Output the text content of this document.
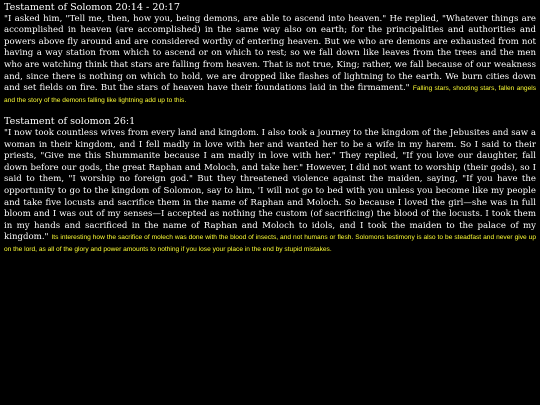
Testament of Solomon 20:14 - 20:17

"I asked him, "Tell me, then, how you, being demons, are able to ascend into heaven." He replied, "Whatever things are accomplished in heaven (are accomplished) in the same way also on earth; for the principalities and authorities and powers above fly around and are considered worthy of entering heaven. But we who are demons are exhausted from not having a way station from which to ascend or on which to rest; so we fall down like leaves from the trees and the men who are watching think that stars are falling from heaven. That is not true, King; rather, we fall because of our weakness and, since there is nothing on which to hold, we are dropped like flashes of lightning to the earth. We burn cities down and set fields on fire. But the stars of heaven have their foundations laid in the firmament." Falling stars, shooting stars, fallen angels and the story of the demons falling like lightning add up to this.

Testament of solomon 26:1

"I now took countless wives from every land and kingdom. I also took a journey to the kingdom of the Jebusites and saw a woman in their kingdom, and I fell madly in love with her and wanted her to be a wife in my harem. So I said to their priests, "Give me this Shummanite because I am madly in love with her." They replied, "If you love our daughter, fall down before our gods, the great Raphan and Moloch, and take her." However, I did not want to worship (their gods), so I said to them, "I worship no foreign god." But they threatened violence against the maiden, saying, "If you have the opportunity to go to the kingdom of Solomon, say to him, 'I will not go to bed with you unless you become like my people and take five locusts and sacrifice them in the name of Raphan and Moloch. So because I loved the girl—she was in full bloom and I was out of my senses—I accepted as nothing the custom (of sacrificing) the blood of the locusts. I took them in my hands and sacrificed in the name of Raphan and Moloch to idols, and I took the maiden to the palace of my kingdom." Its interesting how the sacrifice of molech was done with the blood of insects, and not humans or flesh. Solomons testimony is also to be steadfast and never give up on the lord, as all of the glory and power amounts to nothing if you lose your place in the end by stupid mistakes.
